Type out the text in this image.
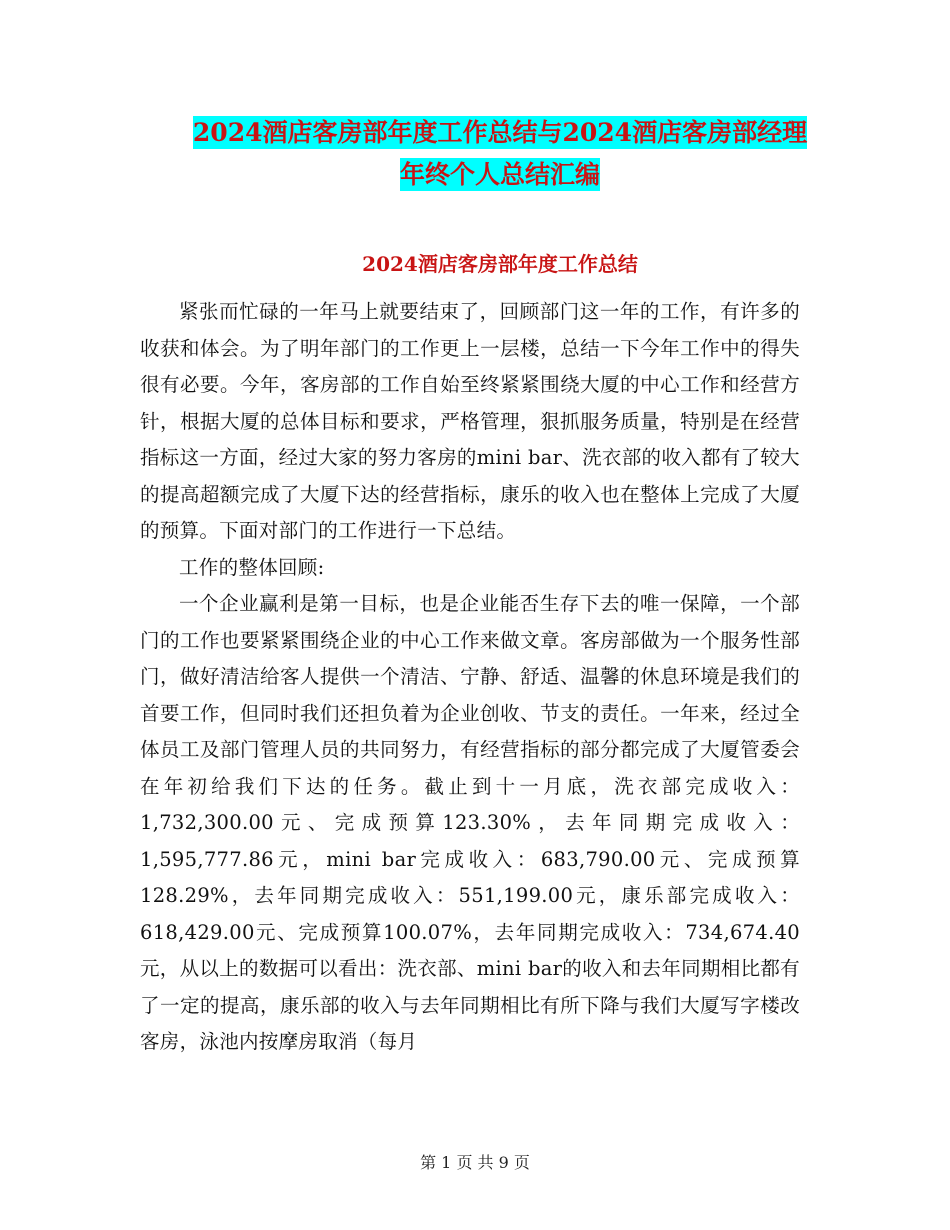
2024酒店客房部年度工作总结与2024酒店客房部经理
年终个人总结汇编
2024酒店客房部年度工作总结

紧张而忙碌的一年马上就要结束了，回顾部门这一年的工作，有许多的收获和体会。为了明年部门的工作更上一层楼，总结一下今年工作中的得失很有必要。今年，客房部的工作自始至终紧紧围绕大厦的中心工作和经营方针，根据大厦的总体目标和要求，严格管理，狠抓服务质量，特别是在经营指标这一方面，经过大家的努力客房的mini bar、洗衣部的收入都有了较大的提高超额完成了大厦下达的经营指标，康乐的收入也在整体上完成了大厦的预算。下面对部门的工作进行一下总结。

工作的整体回顾:

一个企业赢利是第一目标，也是企业能否生存下去的唯一保障，一个部门的工作也要紧紧围绕企业的中心工作来做文章。客房部做为一个服务性部门，做好清洁给客人提供一个清洁、宁静、舒适、温馨的休息环境是我们的首要工作，但同时我们还担负着为企业创收、节支的责任。一年来，经过全体员工及部门管理人员的共同努力，有经营指标的部分都完成了大厦管委会在年初给我们下达的任务。截止到十一月底，洗衣部完成收入：1,732,300.00元、完成预算123.30%，去年同期完成收入：1,595,777.86元，mini bar完成收入：683,790.00元、完成预算128.29%，去年同期完成收入：551,199.00元，康乐部完成收入：618,429.00元、完成预算100.07%，去年同期完成收入：734,674.40元，从以上的数据可以看出：洗衣部、mini bar的收入和去年同期相比都有了一定的提高，康乐部的收入与去年同期相比有所下降与我们大厦写字楼改客房，泳池内按摩房取消（每月

第 1 页 共 9 页
